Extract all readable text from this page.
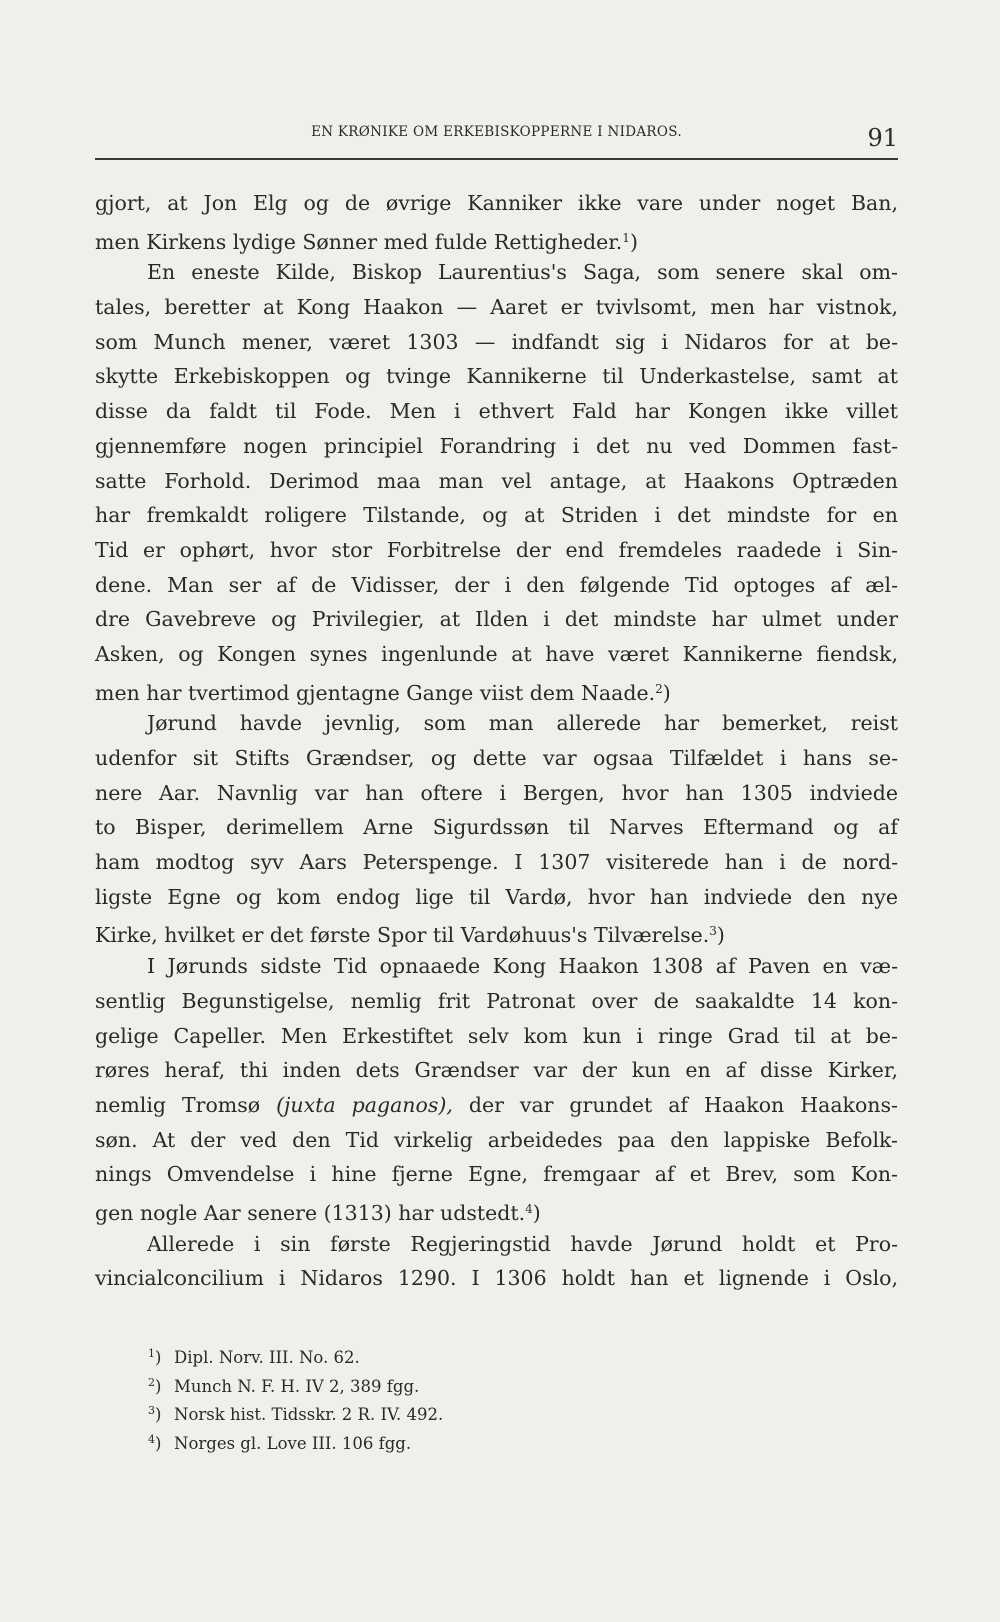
EN KRØNIKE OM ERKEBISKOPPERNE I NIDAROS.	91
gjort, at Jon Elg og de øvrige Kanniker ikke vare under noget Ban,
men Kirkens lydige Sønner med fulde Rettigheder.$^1$)
En eneste Kilde, Biskop Laurentius's Saga, som senere skal om-
tales, beretter at Kong Haakon — Aaret er tvivlsomt, men har vistnok,
som Munch mener, været 1303 — indfandt sig i Nidaros for at be-
skytte Erkebiskoppen og tvinge Kannikerne til Underkastelse, samt at
disse da faldt til Fode. Men i ethvert Fald har Kongen ikke villet
gjennemføre nogen principiel Forandring i det nu ved Dommen fast-
satte Forhold. Derimod maa man vel antage, at Haakons Optræden
har fremkaldt roligere Tilstande, og at Striden i det mindste for en
Tid er ophørt, hvor stor Forbitrelse der end fremdeles raadede i Sin-
dene. Man ser af de Vidisser, der i den følgende Tid optoges af æl-
dre Gavebreve og Privilegier, at Ilden i det mindste har ulmet under
Asken, og Kongen synes ingenlunde at have været Kannikerne fiendsk,
men har tvertimod gjentagne Gange viist dem Naade.$^2$)
Jørund havde jevnlig, som man allerede har bemerket, reist
udenfor sit Stifts Grændser, og dette var ogsaa Tilfældet i hans se-
nere Aar. Navnlig var han oftere i Bergen, hvor han 1305 indviede
to Bisper, derimellem Arne Sigurdssøn til Narves Eftermand og af
ham modtog syv Aars Peterspenge. I 1307 visiterede han i de nord-
ligste Egne og kom endog lige til Vardø, hvor han indviede den nye
Kirke, hvilket er det første Spor til Vardøhuus's Tilværelse.$^3$)
I Jørunds sidste Tid opnaaede Kong Haakon 1308 af Paven en væ-
sentlig Begunstigelse, nemlig frit Patronat over de saakaldte 14 kon-
gelige Capeller. Men Erkestiftet selv kom kun i ringe Grad til at be-
røres heraf, thi inden dets Grændser var der kun en af disse Kirker,
nemlig Tromsø (juxta paganos), der var grundet af Haakon Haakons-
søn. At der ved den Tid virkelig arbeidedes paa den lappiske Befolk-
nings Omvendelse i hine fjerne Egne, fremgaar af et Brev, som Kon-
gen nogle Aar senere (1313) har udstedt.$^4$)
Allerede i sin første Regjeringstid havde Jørund holdt et Pro-
vincialconcilium i Nidaros 1290. I 1306 holdt han et lignende i Oslo,
$^1$) Dipl. Norv. III. No. 62.
$^2$) Munch N. F. H. IV 2, 389 fgg.
$^3$) Norsk hist. Tidsskr. 2 R. IV. 492.
$^4$) Norges gl. Love III. 106 fgg.
